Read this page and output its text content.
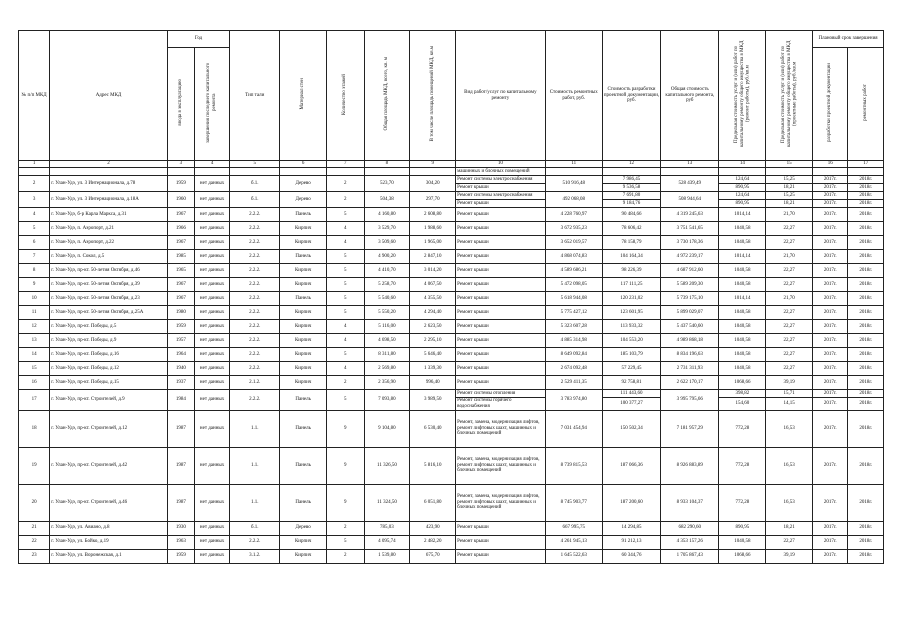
№ п/п МКД	Адрес МКД	Год		Тип тали	Материал стен	Количество этажей	Общая площадь МКД, всего, кв. м	В том числе площадь помещений МКД, кв.м	Вид работ/услуг по капитальному ремонту	Стоимость ремонтных работ, руб.	Стоимость разработки проектной документации, руб.	Общая стоимость капитального ремонта, руб	Предельная стоимость услуг и (или) работ по капитальному ремонту общего имущества в МКД (ремонт работы), руб./кв.м	Предельная стоимость услуг и (или) работ по капитальному ремонту общего имущества в МКД (проектные работы), руб./кв.м	Плановый срок завершения	
		ввода в эксплуатацию	завершения последнего капитального ремонта												разработки проектной документации	ремонтных работ
1	2	3	4	5	6	7	8	9	10	11	12	13	14	15	16	17
									машинных и блочных помещений							
2	г. Улан-Удэ, ул. 3 Интернационала, д.78	1959	нет данных	б.1.	Дерево	2	523,70	304,20	Ремонт системы электроснабжения	510 916,48	7 986,45	528 439,49	124,64	15,25	2017г.	2018г.
									Ремонт крыши		9 536,58		890,95	18,21	2017г.	2018г.
3	г. Улан-Удэ, ул. 3 Интернационала, д.18А	1960	нет данных	б.1.	Дерево	2	504,38	297,70	Ремонт системы электроснабжения	492 068,08	7 691,80	508 944,64	124,64	15,25	2017г.	2018г.
									Ремонт крыши		9 184,76		890,95	18,21	2017г.	2018г.
4	г. Улан-Удэ, б-р Карла Маркса, д.31	1967	нет данных	2.2.2.	Панель	5	4 160,80	2 608,80	Ремонт крыши	4 228 760,97	90 484,66	4 319 245,63	1014,14	21,70	2017г.	2018г.
5	г. Улан-Удэ, п. Аэропорт, д.21	1966	нет данных	2.2.2.	Кирпич	4	3 529,70	1 988,60	Ремонт крыши	3 672 935,23	78 606,42	3 751 541,65	1040,58	22,27	2017г.	2018г.
6	г. Улан-Удэ, п. Аэропорт, д.22	1967	нет данных	2.2.2.	Кирпич	4	3 509,60	1 965,00	Ремонт крыши	3 652 019,57	78 158,79	3 730 178,36	1040,58	22,27	2017г.	2018г.
7	г. Улан-Удэ, п. Сокол, д.5	1985	нет данных	2.2.2.	Панель	5	4 900,20	2 847,10	Ремонт крыши	4 868 074,83	104 164,34	4 972 239,17	1014,14	21,70	2017г.	2018г.
8	г. Улан-Удэ, пр-кт. 50-летия Октября, д.46	1965	нет данных	2.2.2.	Кирпич	5	4 410,70	3 014,20	Ремонт крыши	4 589 686,21	98 226,39	4 687 912,60	1040,58	22,27	2017г.	2018г.
9	г. Улан-Удэ, пр-кт. 50-летия Октября, д.39	1967	нет данных	2.2.2.	Кирпич	5	5 258,70	4 067,50	Ремонт крыши	5 472 098,05	117 111,25	5 589 209,30	1040,58	22,27	2017г.	2018г.
10	г. Улан-Удэ, пр-кт. 50-летия Октября, д.23	1967	нет данных	2.2.2.	Панель	5	5 540,60	4 355,50	Ремонт крыши	5 618 944,08	120 231,02	5 739 175,10	1014,14	21,70	2017г.	2018г.
11	г. Улан-Удэ, пр-кт. 50-летия Октября, д.25А	1980	нет данных	2.2.2.	Кирпич	5	5 550,20	4 294,40	Ремонт крыши	5 775 427,12	123 601,95	5 899 029,07	1040,58	22,27	2017г.	2018г.
12	г. Улан-Удэ, пр-кт. Победы, д.5	1959	нет данных	2.2.2.	Кирпич	4	5 116,00	2 623,50	Ремонт крыши	5 323 607,28	113 933,32	5 437 540,60	1040,58	22,27	2017г.	2018г.
13	г. Улан-Удэ, пр-кт. Победы, д.9	1957	нет данных	2.2.2.	Кирпич	4	4 698,50	2 295,10	Ремонт крыши	4 885 314,98	104 553,20	4 989 868,18	1040,58	22,27	2017г.	2018г.
14	г. Улан-Удэ, пр-кт. Победы, д.16	1964	нет данных	2.2.2.	Кирпич	5	8 311,80	5 646,40	Ремонт крыши	8 649 092,84	185 103,79	8 834 196,63	1040,58	22,27	2017г.	2018г.
15	г. Улан-Удэ, пр-кт. Победы, д.12	1940	нет данных	2.2.2.	Кирпич	4	2 569,80	1 339,30	Ремонт крыши	2 674 092,48	57 229,45	2 731 311,93	1040,58	22,27	2017г.	2018г.
16	г. Улан-Удэ, пр-кт. Победы, д.15	1937	нет данных	2.1.2.	Кирпич	2	2 356,90	996,40	Ремонт крыши	2 529 411,35	92 758,81	2 622 170,17	1068,66	39,19	2017г.	2018г.
17	г. Улан-Удэ, пр-кт. Строителей, д.9	1984	нет данных	2.2.2.	Панель	5	7 093,80	3 989,50	Ремонт системы отопления	3 783 974,80	111 443,60	3 995 795,66	398,82	15,71	2017г.	2018г.
									Ремонт системы горячего водоснабжения		100 377,27		154,60	14,15	2017г.	2018г.
18	г. Улан-Удэ, пр-кт. Строителей, д.12	1987	нет данных	1.1.	Панель	9	9 104,80	6 530,40	Ремонт, замена, модернизация лифтов, ремонт лифтовых шахт, машинных и блочных помещений	7 031 454,94	150 502,34	7 181 957,29	772,28	16,53	2017г.	2018г.
19	г. Улан-Удэ, пр-кт. Строителей, д.42	1987	нет данных	1.1.	Панель	9	11 326,50	5 816,10	Ремонт, замена, модернизация лифтов, ремонт лифтовых шахт, машинных и блочных помещений	8 739 815,53	187 066,36	8 926 883,89	772,28	16,53	2017г.	2018г.
20	г. Улан-Удэ, пр-кт. Строителей, д.46	1987	нет данных	1.1.	Панель	9	11 324,50	6 051,80	Ремонт, замена, модернизация лифтов, ремонт лифтовых шахт, машинных и блочных помещений	8 745 903,77	187 200,60	8 933 104,37	772,28	16,53	2017г.	2018г.
21	г. Улан-Удэ, ул. Авиано, д.8	1930	нет данных	б.1.	Дерево	2	785,03	423,90	Ремонт крыши	667 995,75	14 294,85	682 290,60	890,95	18,21	2017г.	2018г.
22	г. Улан-Удэ, ул. Бойко, д.19	1963	нет данных	2.2.2.	Кирпич	5	4 095,74	2 482,20	Ремонт крыши	4 261 945,13	91 212,13	4 353 157,26	1040,58	22,27	2017г.	2018г.
23	г. Улан-Удэ, ул. Воронежская, д.1	1959	нет данных	3.1.2.	Кирпич	2	1 539,80	675,70	Ремонт крыши	1 645 522,63	60 344,76	1 705 867,43	1068,66	39,19	2017г.	2018г.
